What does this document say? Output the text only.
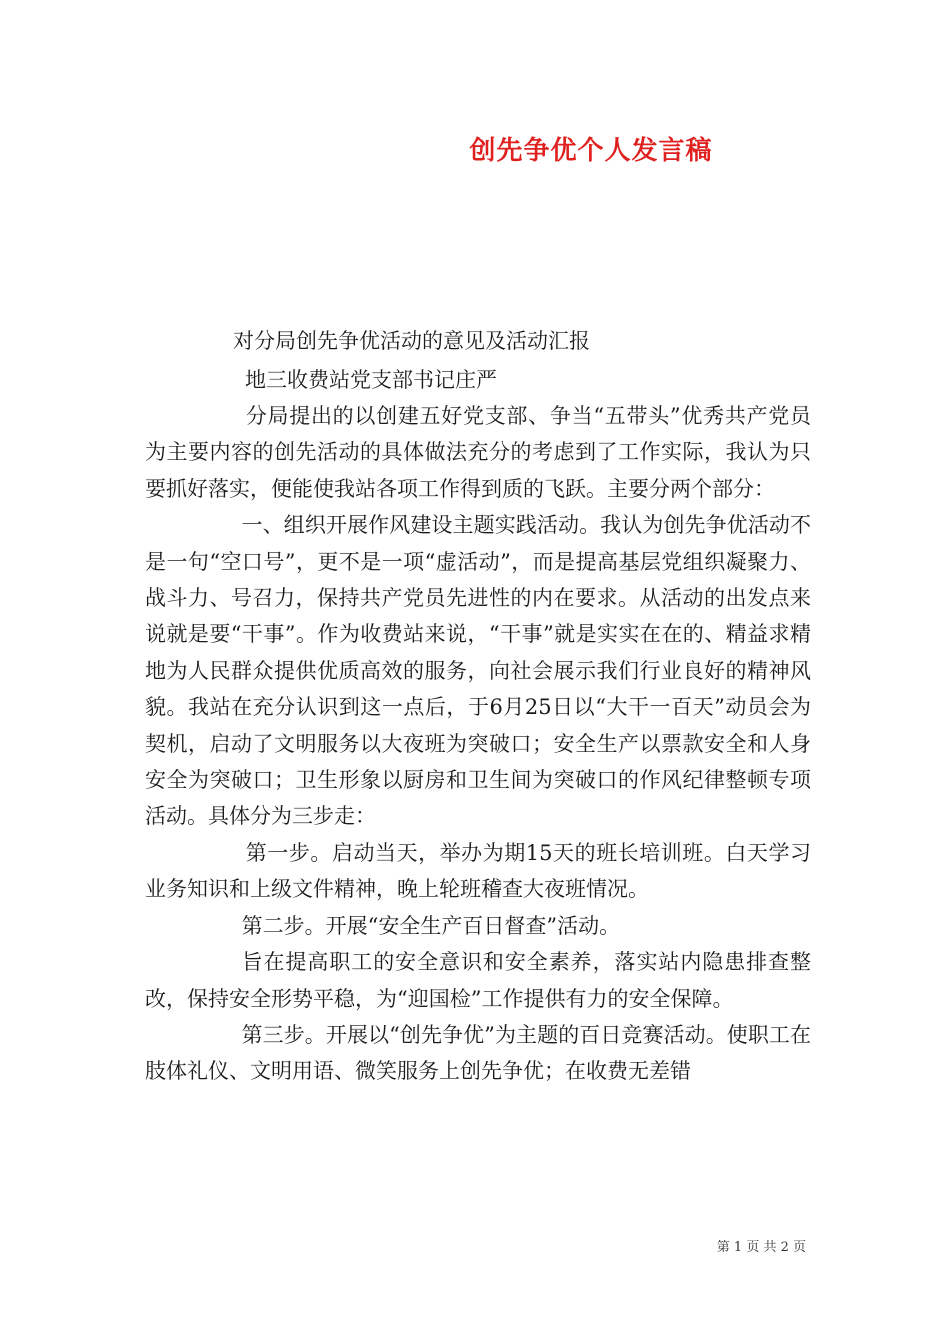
创先争优个人发言稿
对分局创先争优活动的意见及活动汇报
地三收费站党支部书记庄严

分局提出的以创建五好党支部、争当“五带头”优秀共产党员为主要内容的创先活动的具体做法充分的考虑到了工作实际，我认为只要抓好落实，便能使我站各项工作得到质的飞跃。主要分两个部分：

一、组织开展作风建设主题实践活动。我认为创先争优活动不是一句“空口号”，更不是一项“虚活动”，而是提高基层党组织凝聚力、战斗力、号召力，保持共产党员先进性的内在要求。从活动的出发点来说就是要“干事”。作为收费站来说，“干事”就是实实在在的、精益求精地为人民群众提供优质高效的服务，向社会展示我们行业良好的精神风貌。我站在充分认识到这一点后，于6月25日以“大干一百天”动员会为契机，启动了文明服务以大夜班为突破口；安全生产以票款安全和人身安全为突破口；卫生形象以厨房和卫生间为突破口的作风纪律整顿专项活动。具体分为三步走：

第一步。启动当天，举办为期15天的班长培训班。白天学习业务知识和上级文件精神，晚上轮班稽查大夜班情况。

第二步。开展“安全生产百日督查”活动。

旨在提高职工的安全意识和安全素养，落实站内隐患排查整改，保持安全形势平稳，为“迎国检”工作提供有力的安全保障。

第三步。开展以“创先争优”为主题的百日竞赛活动。使职工在肢体礼仪、文明用语、微笑服务上创先争优；在收费无差错

第 1 页 共 2 页
